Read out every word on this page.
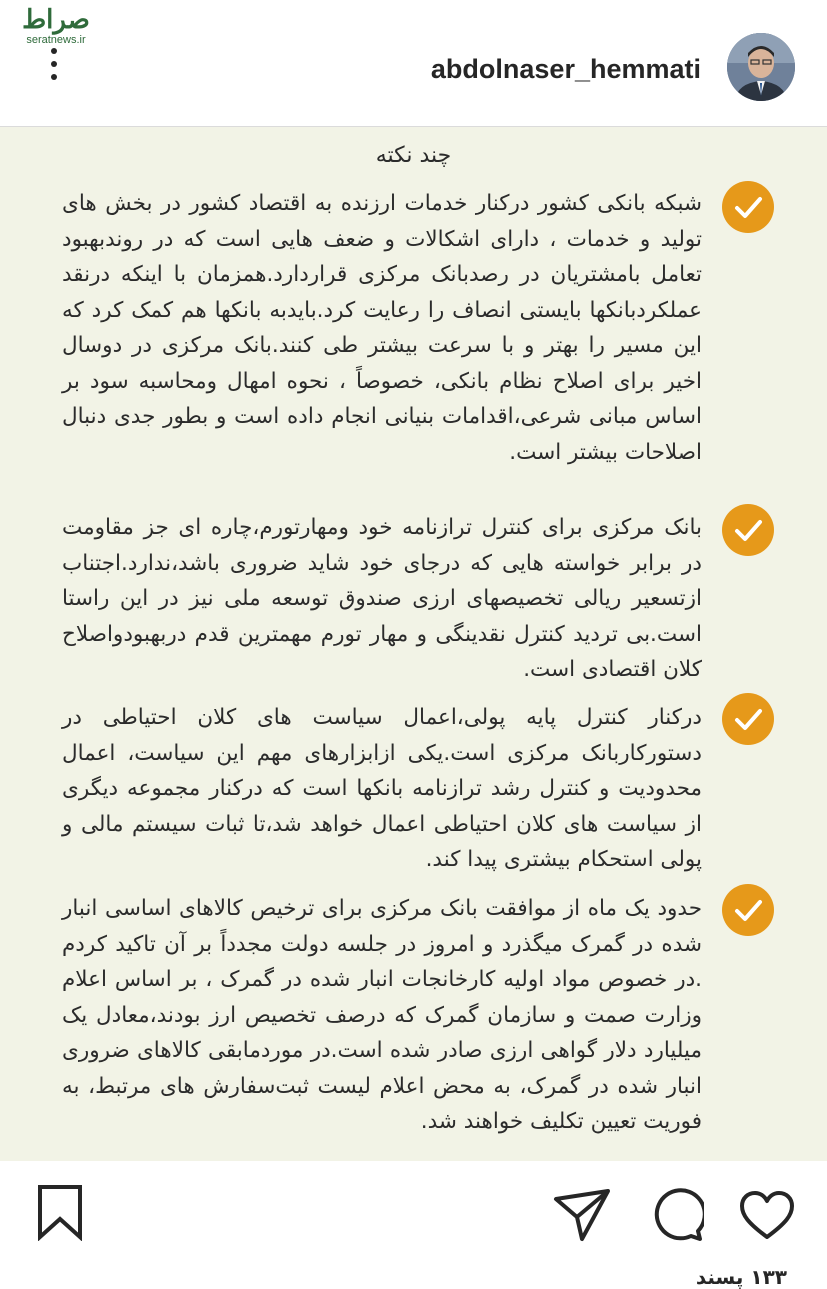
صراط
seratnews.ir
abdolnaser_hemmati
چند نکته
شبکه بانکی کشور درکنار خدمات ارزنده به اقتصاد کشور در بخش های تولید و خدمات ، دارای اشکالات و ضعف هایی است که در روندبهبود تعامل بامشتریان در رصدبانک مرکزی قراردارد.همزمان با اینکه درنقد عملکردبانکها بایستی انصاف را رعایت کرد.بایدبه بانکها هم کمک کرد که این مسیر را بهتر و با سرعت بیشتر طی کنند.بانک مرکزی در دوسال اخیر برای اصلاح نظام بانکی، خصوصاً ، نحوه امهال ومحاسبه سود بر اساس مبانی شرعی،اقدامات بنیانی انجام داده است و بطور جدی دنبال اصلاحات بیشتر است.
بانک مرکزی برای کنترل ترازنامه خود ومهارتورم،چاره ای جز مقاومت در برابر خواسته هایی که درجای خود شاید ضروری باشد،ندارد.اجتناب ازتسعیر ریالی تخصیصهای ارزی صندوق توسعه ملی نیز در این راستا است.بی تردید کنترل نقدینگی و مهار تورم مهمترین قدم دربهبودواصلاح کلان اقتصادی است.
درکنار کنترل پایه پولی،اعمال سیاست های کلان احتیاطی در دستورکاربانک مرکزی است.یکی ازابزارهای مهم این سیاست، اعمال محدودیت و کنترل رشد ترازنامه بانکها است که درکنار مجموعه دیگری از سیاست های کلان احتیاطی اعمال خواهد شد،تا ثبات سیستم مالی و پولی استحکام بیشتری پیدا کند.
حدود یک ماه از موافقت بانک مرکزی برای ترخیص کالاهای اساسی انبار شده در گمرک میگذرد و امروز در جلسه دولت مجدداً بر آن تاکید کردم .در خصوص مواد اولیه کارخانجات انبار شده در گمرک ، بر اساس اعلام وزارت صمت و سازمان گمرک که درصف تخصیص ارز بودند،معادل یک میلیارد دلار گواهی ارزی صادر شده است.در موردمابقی کالاهای ضروری انبار شده در گمرک، به محض اعلام لیست ثبت‌سفارش های مرتبط، به فوریت تعیین تکلیف خواهند شد.
۱۳۳ پسند
